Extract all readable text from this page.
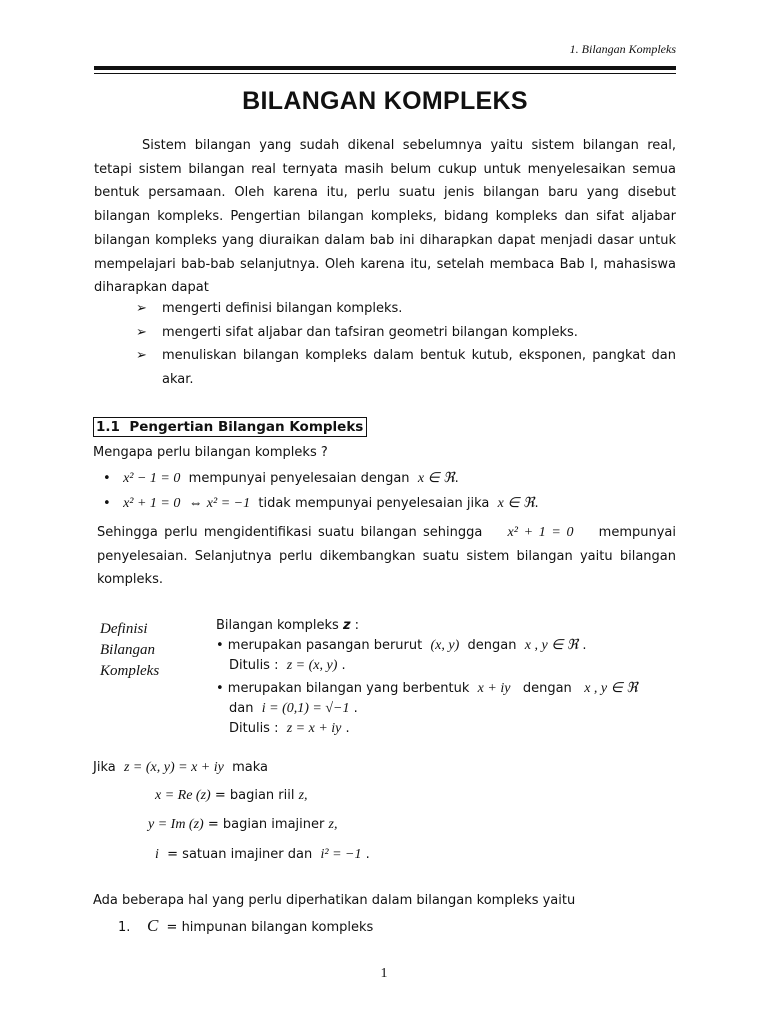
1. Bilangan Kompleks
BILANGAN KOMPLEKS
Sistem bilangan yang sudah dikenal sebelumnya yaitu sistem bilangan real, tetapi sistem bilangan real ternyata masih belum cukup untuk menyelesaikan semua bentuk persamaan. Oleh karena itu, perlu suatu jenis bilangan baru yang disebut bilangan kompleks. Pengertian bilangan kompleks, bidang kompleks dan sifat aljabar bilangan kompleks yang diuraikan dalam bab ini diharapkan dapat menjadi dasar untuk mempelajari bab-bab selanjutnya. Oleh karena itu, setelah membaca Bab I, mahasiswa diharapkan dapat
➢ mengerti definisi bilangan kompleks.
➢ mengerti sifat aljabar dan tafsiran geometri bilangan kompleks.
➢ menuliskan bilangan kompleks dalam bentuk kutub, eksponen, pangkat dan akar.
1.1 Pengertian Bilangan Kompleks
Mengapa perlu bilangan kompleks ?
• x² − 1 = 0 mempunyai penyelesaian dengan x ∈ ℜ.
• x² + 1 = 0 ⇔ x² = −1 tidak mempunyai penyelesaian jika x ∈ ℜ.
Sehingga perlu mengidentifikasi suatu bilangan sehingga x² + 1 = 0 mempunyai penyelesaian. Selanjutnya perlu dikembangkan suatu sistem bilangan yaitu bilangan kompleks.
Definisi
Bilangan
Kompleks
Bilangan kompleks z :
• merupakan pasangan berurut (x, y) dengan x , y ∈ ℜ .
Ditulis : z = (x, y) .
• merupakan bilangan yang berbentuk x + iy dengan x , y ∈ ℜ
dan i = (0,1) = √−1 .
Ditulis : z = x + iy .
Jika z = (x, y) = x + iy maka
x = Re (z) = bagian riil z,
y = Im (z) = bagian imajiner z,
i = satuan imajiner dan i² = −1 .
Ada beberapa hal yang perlu diperhatikan dalam bilangan kompleks yaitu
1. C = himpunan bilangan kompleks
1
